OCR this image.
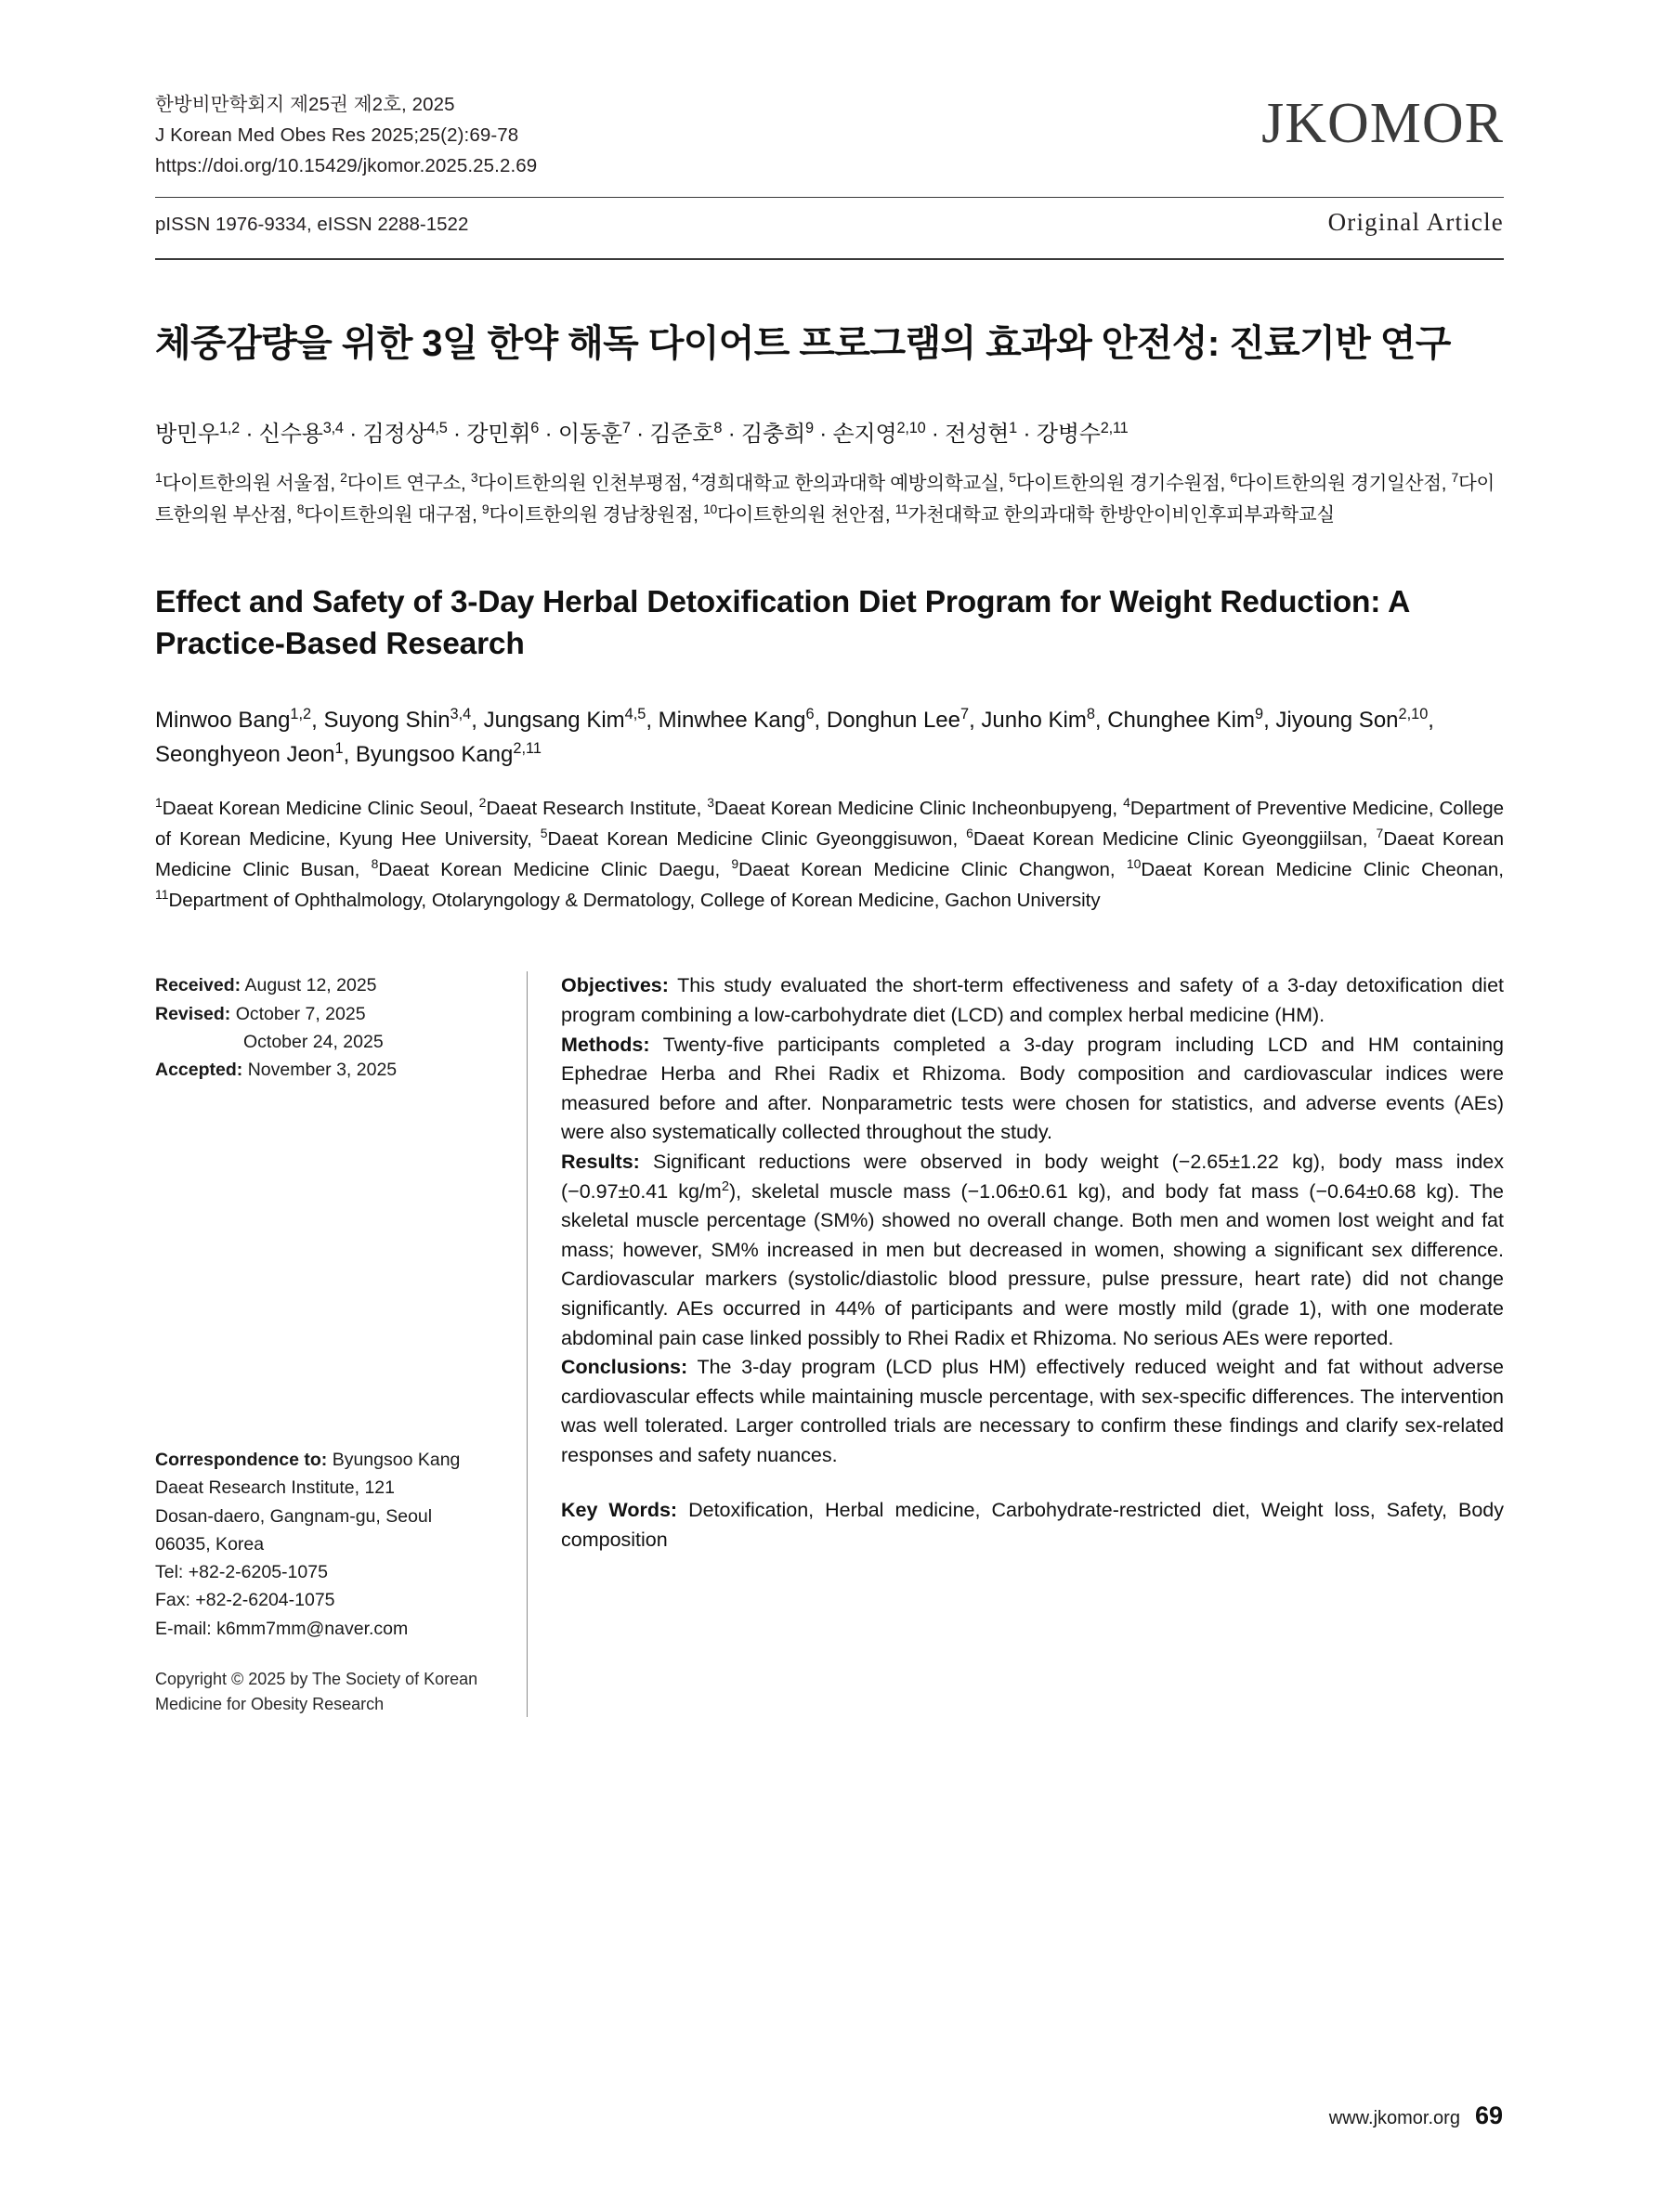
한방비만학회지 제25권 제2호, 2025
J Korean Med Obes Res 2025;25(2):69-78
https://doi.org/10.15429/jkomor.2025.25.2.69
JKOMOR
pISSN 1976-9334, eISSN 2288-1522	Original Article
체중감량을 위한 3일 한약 해독 다이어트 프로그램의 효과와 안전성: 진료기반 연구
방민우$^{1,2}$ · 신수용$^{3,4}$ · 김정상$^{4,5}$ · 강민휘$^6$ · 이동훈$^7$ · 김준호$^8$ · 김충희$^9$ · 손지영$^{2,10}$ · 전성현$^1$ · 강병수$^{2,11}$
$^1$다이트한의원 서울점, $^2$다이트 연구소, $^3$다이트한의원 인천부평점, $^4$경희대학교 한의과대학 예방의학교실, $^5$다이트한의원 경기수원점, $^6$다이트한의원 경기일산점, $^7$다이트한의원 부산점, $^8$다이트한의원 대구점, $^9$다이트한의원 경남창원점, $^{10}$다이트한의원 천안점, $^{11}$가천대학교 한의과대학 한방안이비인후피부과학교실
Effect and Safety of 3-Day Herbal Detoxification Diet Program for Weight Reduction: A Practice-Based Research
Minwoo Bang$^{1,2}$, Suyong Shin$^{3,4}$, Jungsang Kim$^{4,5}$, Minwhee Kang$^6$, Donghun Lee$^7$, Junho Kim$^8$, Chunghee Kim$^9$, Jiyoung Son$^{2,10}$, Seonghyeon Jeon$^1$, Byungsoo Kang$^{2,11}$
$^1$Daeat Korean Medicine Clinic Seoul, $^2$Daeat Research Institute, $^3$Daeat Korean Medicine Clinic Incheonbupyeng, $^4$Department of Preventive Medicine, College of Korean Medicine, Kyung Hee University, $^5$Daeat Korean Medicine Clinic Gyeonggisuwon, $^6$Daeat Korean Medicine Clinic Gyeonggiilsan, $^7$Daeat Korean Medicine Clinic Busan, $^8$Daeat Korean Medicine Clinic Daegu, $^9$Daeat Korean Medicine Clinic Changwon, $^{10}$Daeat Korean Medicine Clinic Cheonan, $^{11}$Department of Ophthalmology, Otolaryngology & Dermatology, College of Korean Medicine, Gachon University
Received: August 12, 2025
Revised: October 7, 2025
October 24, 2025
Accepted: November 3, 2025
Correspondence to: Byungsoo Kang
Daeat Research Institute, 121
Dosan-daero, Gangnam-gu, Seoul
06035, Korea
Tel: +82-2-6205-1075
Fax: +82-2-6204-1075
E-mail: k6mm7mm@naver.com
Copyright © 2025 by The Society of Korean Medicine for Obesity Research
Objectives: This study evaluated the short-term effectiveness and safety of a 3-day detoxification diet program combining a low-carbohydrate diet (LCD) and complex herbal medicine (HM).
Methods: Twenty-five participants completed a 3-day program including LCD and HM containing Ephedrae Herba and Rhei Radix et Rhizoma. Body composition and cardiovascular indices were measured before and after. Nonparametric tests were chosen for statistics, and adverse events (AEs) were also systematically collected throughout the study.
Results: Significant reductions were observed in body weight (−2.65±1.22 kg), body mass index (−0.97±0.41 $kg/m^2$), skeletal muscle mass (−1.06±0.61 kg), and body fat mass (−0.64±0.68 kg). The skeletal muscle percentage (SM%) showed no overall change. Both men and women lost weight and fat mass; however, SM% increased in men but decreased in women, showing a significant sex difference. Cardiovascular markers (systolic/diastolic blood pressure, pulse pressure, heart rate) did not change significantly. AEs occurred in 44% of participants and were mostly mild (grade 1), with one moderate abdominal pain case linked possibly to Rhei Radix et Rhizoma. No serious AEs were reported.
Conclusions: The 3-day program (LCD plus HM) effectively reduced weight and fat without adverse cardiovascular effects while maintaining muscle percentage, with sex-specific differences. The intervention was well tolerated. Larger controlled trials are necessary to confirm these findings and clarify sex-related responses and safety nuances.
Key Words: Detoxification, Herbal medicine, Carbohydrate-restricted diet, Weight loss, Safety, Body composition
www.jkomor.org 69
